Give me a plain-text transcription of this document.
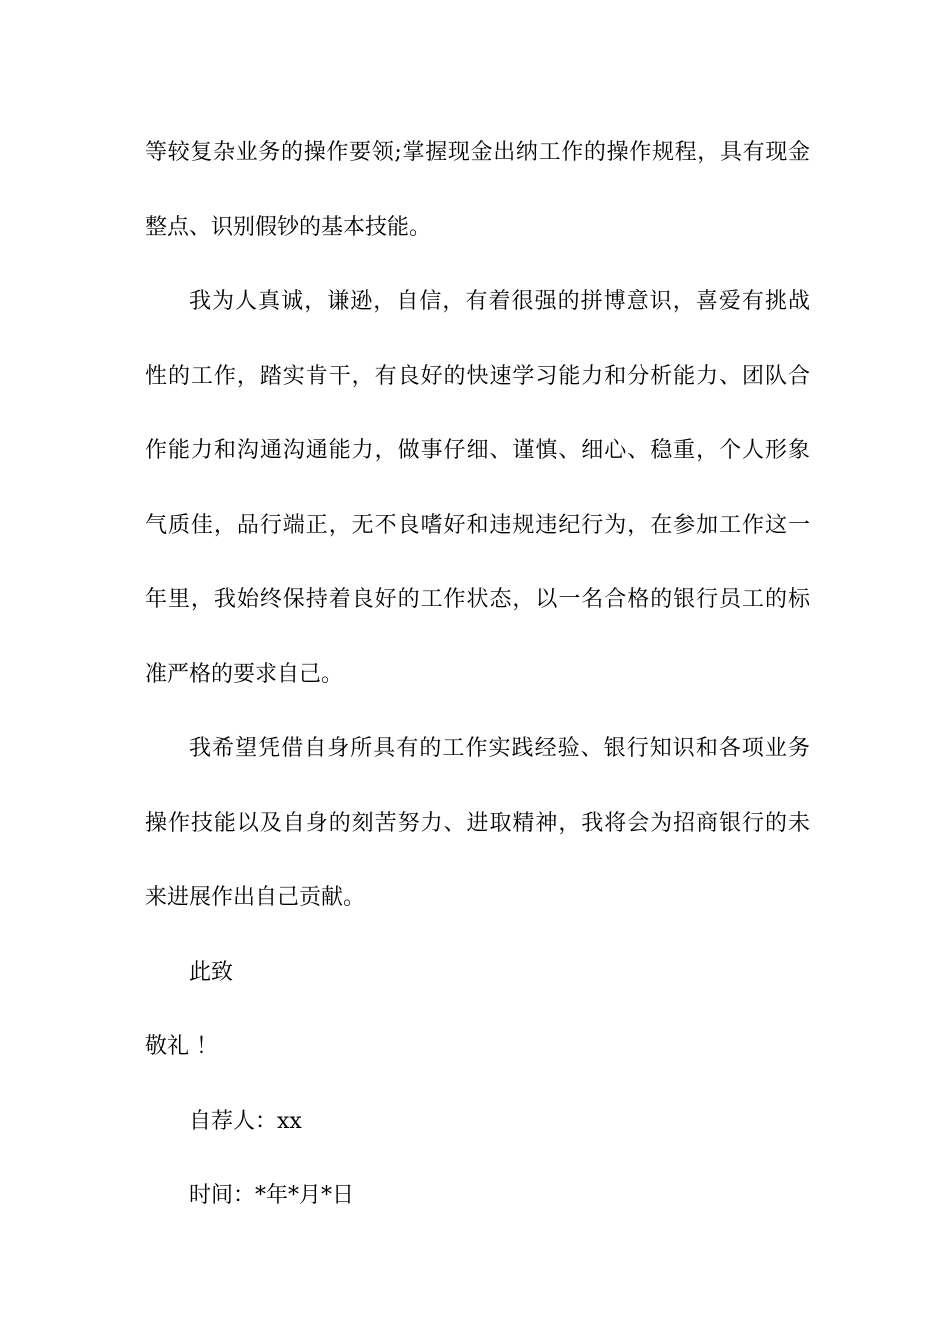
等较复杂业务的操作要领;掌握现金出纳工作的操作规程，具有现金
整点、识别假钞的基本技能。
我为人真诚，谦逊，自信，有着很强的拼博意识，喜爱有挑战
性的工作，踏实肯干，有良好的快速学习能力和分析能力、团队合
作能力和沟通沟通能力，做事仔细、谨慎、细心、稳重，个人形象
气质佳，品行端正，无不良嗜好和违规违纪行为，在参加工作这一
年里，我始终保持着良好的工作状态，以一名合格的银行员工的标
准严格的要求自己。
我希望凭借自身所具有的工作实践经验、银行知识和各项业务
操作技能以及自身的刻苦努力、进取精神，我将会为招商银行的未
来进展作出自己贡献。
此致
敬礼 ！
自荐人：xx
时间：*年*月*日
